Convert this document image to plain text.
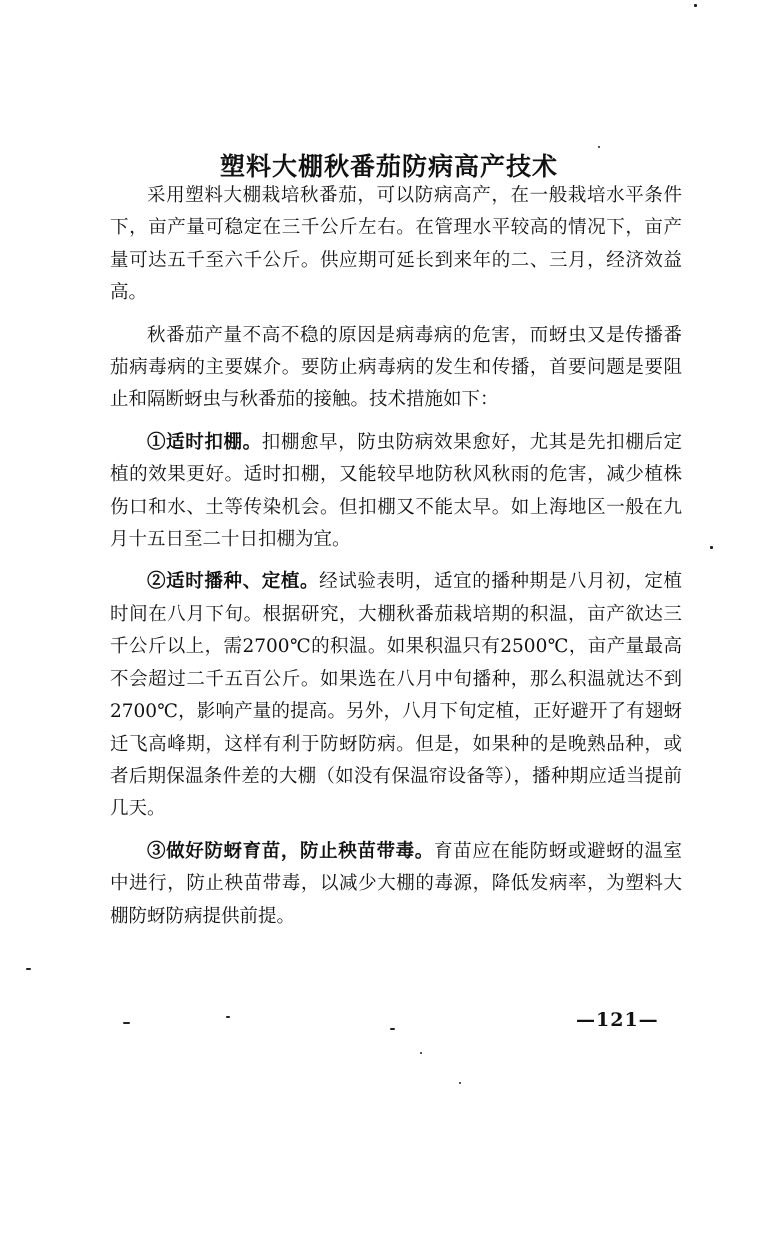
塑料大棚秋番茄防病高产技术

采用塑料大棚栽培秋番茄，可以防病高产，在一般栽培水平条件下，亩产量可稳定在三千公斤左右。在管理水平较高的情况下，亩产量可达五千至六千公斤。供应期可延长到来年的二、三月，经济效益高。

秋番茄产量不高不稳的原因是病毒病的危害，而蚜虫又是传播番茄病毒病的主要媒介。要防止病毒病的发生和传播，首要问题是要阻止和隔断蚜虫与秋番茄的接触。技术措施如下：

①适时扣棚。扣棚愈早，防虫防病效果愈好，尤其是先扣棚后定植的效果更好。适时扣棚，又能较早地防秋风秋雨的危害，减少植株伤口和水、土等传染机会。但扣棚又不能太早。如上海地区一般在九月十五日至二十日扣棚为宜。

②适时播种、定植。经试验表明，适宜的播种期是八月初，定植时间在八月下旬。根据研究，大棚秋番茄栽培期的积温，亩产欲达三千公斤以上，需2700℃的积温。如果积温只有2500℃，亩产量最高不会超过二千五百公斤。如果选在八月中旬播种，那么积温就达不到2700℃，影响产量的提高。另外，八月下旬定植，正好避开了有翅蚜迁飞高峰期，这样有利于防蚜防病。但是，如果种的是晚熟品种，或者后期保温条件差的大棚（如没有保温帘设备等），播种期应适当提前几天。

③做好防蚜育苗，防止秧苗带毒。育苗应在能防蚜或避蚜的温室中进行，防止秧苗带毒，以减少大棚的毒源，降低发病率，为塑料大棚防蚜防病提供前提。

—121—
